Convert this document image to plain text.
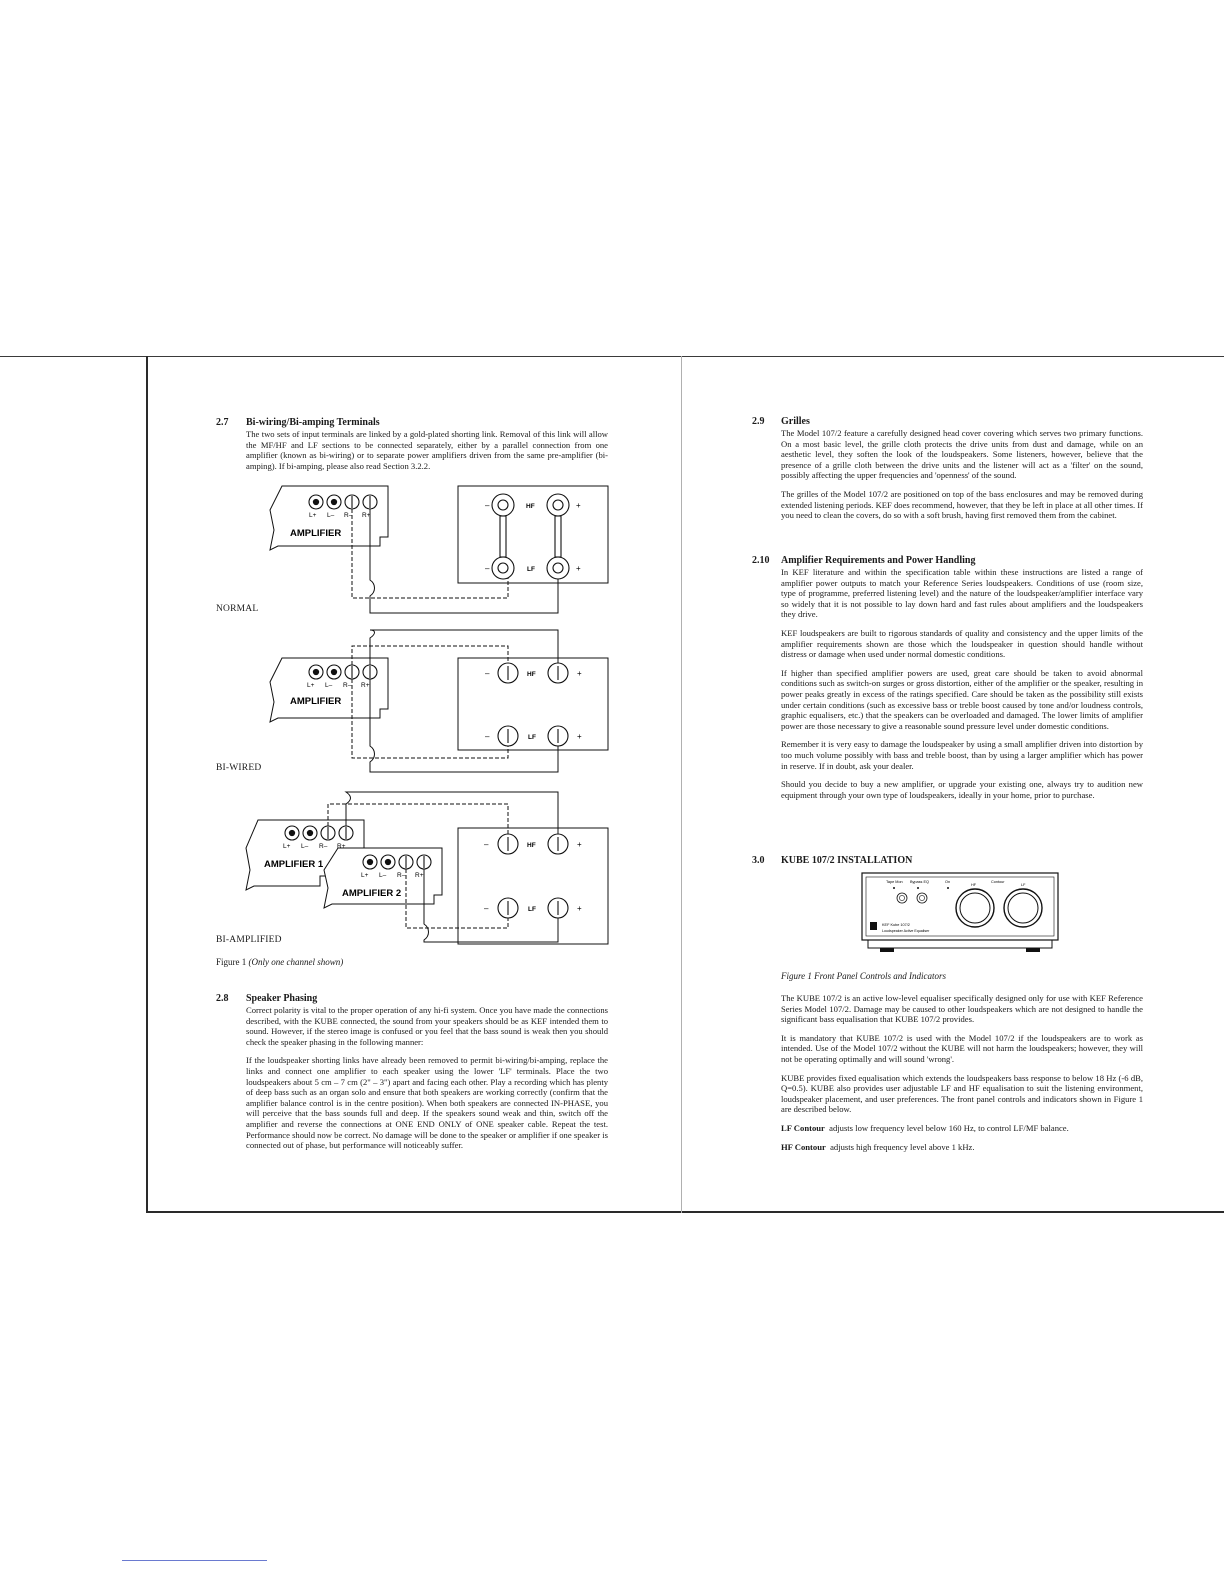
2.7 Bi-wiring/Bi-amping Terminals
The two sets of input terminals are linked by a gold-plated shorting link. Removal of this link will allow the MF/HF and LF sections to be connected separately, either by a parallel connection from one amplifier (known as bi-wiring) or to separate power amplifiers driven from the same pre-amplifier (bi-amping). If bi-amping, please also read Section 3.2.2.
L+ L– R– R+
AMPLIFIER
–	HF	+
–	LF	+
NORMAL
L+ L– R– R+
AMPLIFIER
–	HF	+
–	LF	+
BI-WIRED
L+ L– R– R+
L+ L– R– R+
AMPLIFIER 1
AMPLIFIER 2
–	HF	+
–	LF	+
BI-AMPLIFIED
Figure 1 (Only one channel shown)
2.8 Speaker Phasing

Correct polarity is vital to the proper operation of any hi-fi system. Once you have made the connections described, with the KUBE connected, the sound from your speakers should be as KEF intended them to sound. However, if the stereo image is confused or you feel that the bass sound is weak then you should check the speaker phasing in the following manner:

If the loudspeaker shorting links have already been removed to permit bi-wiring/bi-amping, replace the links and connect one amplifier to each speaker using the lower 'LF' terminals. Place the two loudspeakers about 5 cm – 7 cm (2" – 3") apart and facing each other. Play a recording which has plenty of deep bass such as an organ solo and ensure that both speakers are working correctly (confirm that the amplifier balance control is in the centre position). When both speakers are connected IN-PHASE, you will perceive that the bass sounds full and deep. If the speakers sound weak and thin, switch off the amplifier and reverse the connections at ONE END ONLY of ONE speaker cable. Repeat the test. Performance should now be correct. No damage will be done to the speaker or amplifier if one speaker is connected out of phase, but performance will noticeably suffer.

2.9 Grilles

The Model 107/2 feature a carefully designed head cover covering which serves two primary functions. On a most basic level, the grille cloth protects the drive units from dust and damage, while on an aesthetic level, they soften the look of the loudspeakers. Some listeners, however, believe that the presence of a grille cloth between the drive units and the listener will act as a 'filter' on the sound, possibly affecting the upper frequencies and 'openness' of the sound.

The grilles of the Model 107/2 are positioned on top of the bass enclosures and may be removed during extended listening periods. KEF does recommend, however, that they be left in place at all other times. If you need to clean the covers, do so with a soft brush, having first removed them from the cabinet.

2.10 Amplifier Requirements and Power Handling

In KEF literature and within the specification table within these instructions are listed a range of amplifier power outputs to match your Reference Series loudspeakers. Conditions of use (room size, type of programme, preferred listening level) and the nature of the loudspeaker/amplifier interface vary so widely that it is not possible to lay down hard and fast rules about amplifiers and the loudspeakers they drive.

KEF loudspeakers are built to rigorous standards of quality and consistency and the upper limits of the amplifier requirements shown are those which the loudspeaker in question should handle without distress or damage when used under normal domestic conditions.

If higher than specified amplifier powers are used, great care should be taken to avoid abnormal conditions such as switch-on surges or gross distortion, either of the amplifier or the speaker, resulting in power peaks greatly in excess of the ratings specified. Care should be taken as the possibility still exists under certain conditions (such as excessive bass or treble boost caused by tone and/or loudness controls, graphic equalisers, etc.) that the speakers can be overloaded and damaged. The lower limits of amplifier power are those necessary to give a reasonable sound pressure level under domestic conditions.

Remember it is very easy to damage the loudspeaker by using a small amplifier driven into distortion by too much volume possibly with bass and treble boost, than by using a larger amplifier which has power in reserve. If in doubt, ask your dealer.

Should you decide to buy a new amplifier, or upgrade your existing one, always try to audition new equipment through your own type of loudspeakers, ideally in your home, prior to purchase.

3.0 KUBE 107/2 INSTALLATION
Tape Mon Bypass EQ	On
HF
Contour
LF
KEF Kube 107/2
Loudspeaker Active Equaliser
Figure 1 Front Panel Controls and Indicators

The KUBE 107/2 is an active low-level equaliser specifically designed only for use with KEF Reference Series Model 107/2. Damage may be caused to other loudspeakers which are not designed to handle the significant bass equalisation that KUBE 107/2 provides.

It is mandatory that KUBE 107/2 is used with the Model 107/2 if the loudspeakers are to work as intended. Use of the Model 107/2 without the KUBE will not harm the loudspeakers; however, they will not be operating optimally and will sound 'wrong'.

KUBE provides fixed equalisation which extends the loudspeakers bass response to below 18 Hz (-6 dB, Q=0.5). KUBE also provides user adjustable LF and HF equalisation to suit the listening environment, loudspeaker placement, and user preferences. The front panel controls and indicators shown in Figure 1 are described below.

LF Contour adjusts low frequency level below 160 Hz, to control LF/MF balance.

HF Contour adjusts high frequency level above 1 kHz.
